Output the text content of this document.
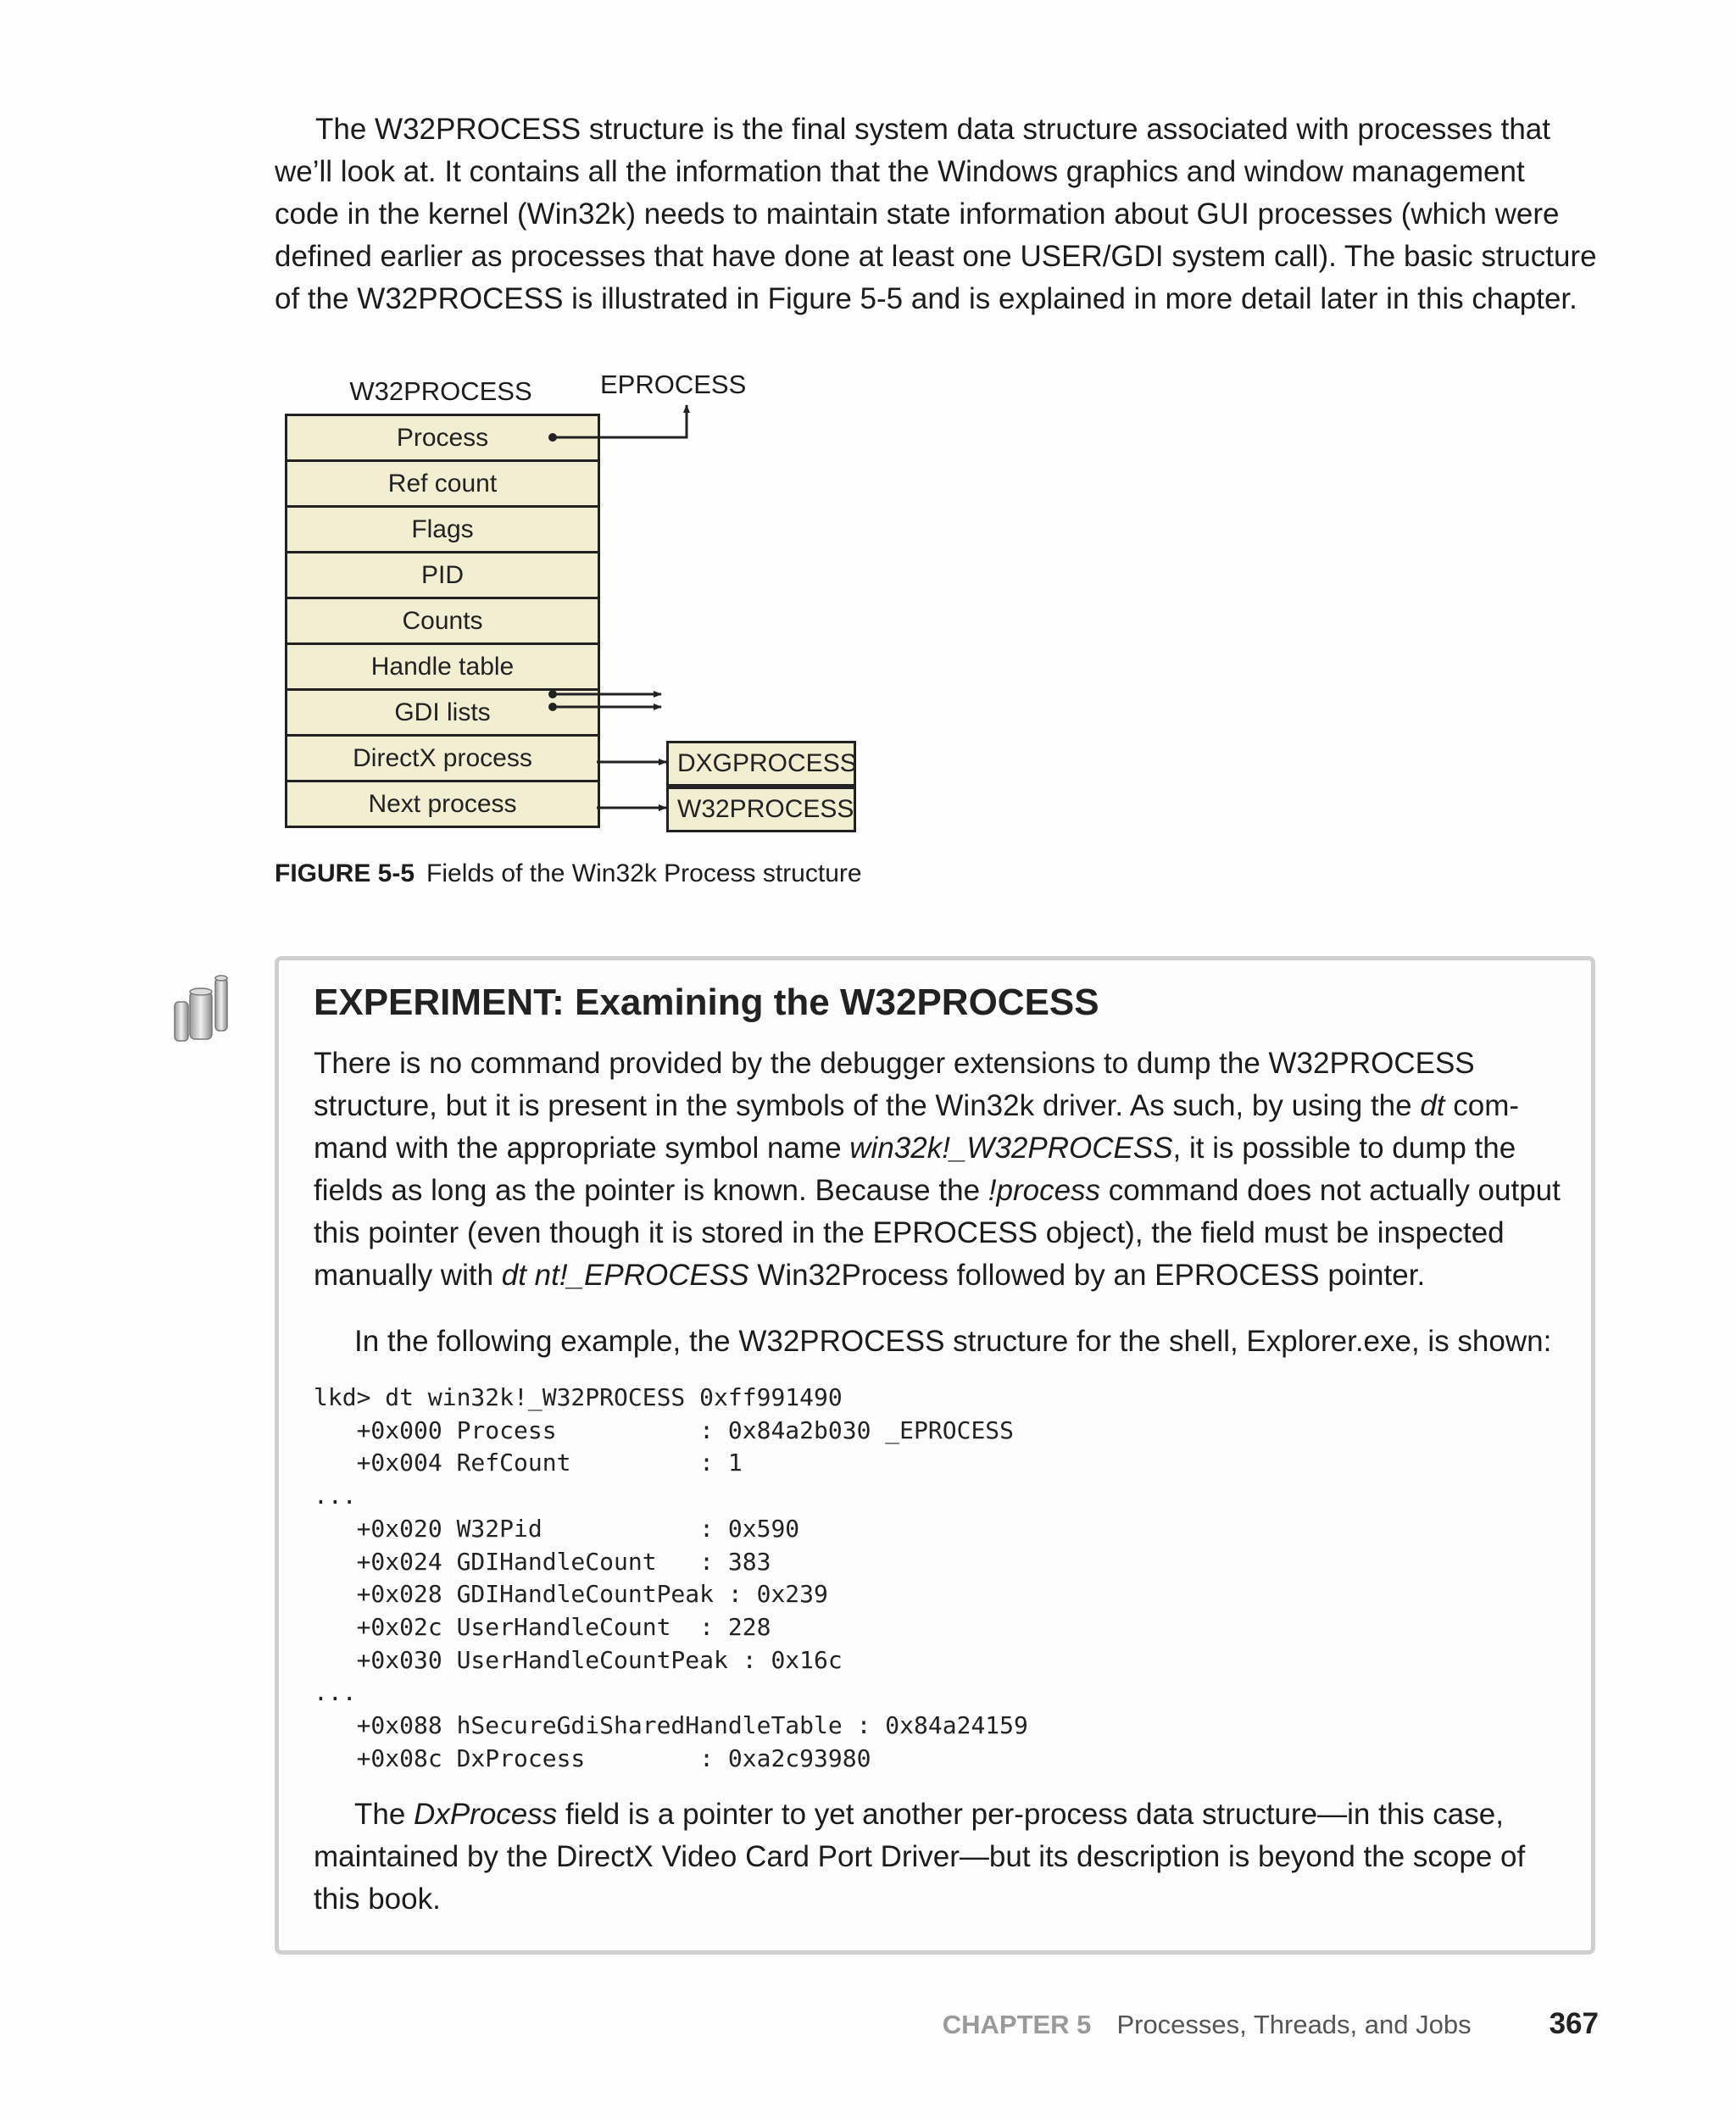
The W32PROCESS structure is the final system data structure associated with processes that we’ll look at. It contains all the information that the Windows graphics and window management code in the kernel (Win32k) needs to maintain state information about GUI processes (which were defined earlier as processes that have done at least one USER/GDI system call). The basic structure of the W32PROCESS is illustrated in Figure 5-5 and is explained in more detail later in this chapter.

W32PROCESS	EPROCESS
Process
Ref count
Flags
PID
Counts
Handle table
GDI lists
DirectX process
Next process
DXGPROCESS
W32PROCESS
FIGURE 5-5 Fields of the Win32k Process structure
EXPERIMENT: Examining the W32PROCESS

There is no command provided by the debugger extensions to dump the W32PROCESS structure, but it is present in the symbols of the Win32k driver. As such, by using the dt com-mand with the appropriate symbol name win32k!_W32PROCESS, it is possible to dump the fields as long as the pointer is known. Because the !process command does not actually output this pointer (even though it is stored in the EPROCESS object), the field must be inspected manually with dt nt!_EPROCESS Win32Process followed by an EPROCESS pointer.

In the following example, the W32PROCESS structure for the shell, Explorer.exe, is shown:

lkd> dt win32k!_W32PROCESS 0xff991490
+0x000 Process          : 0x84a2b030 _EPROCESS
+0x004 RefCount         : 1
...
+0x020 W32Pid           : 0x590
+0x024 GDIHandleCount   : 383
+0x028 GDIHandleCountPeak : 0x239
+0x02c UserHandleCount  : 228
+0x030 UserHandleCountPeak : 0x16c
...
+0x088 hSecureGdiSharedHandleTable : 0x84a24159
+0x08c DxProcess        : 0xa2c93980

The DxProcess field is a pointer to yet another per-process data structure—in this case, maintained by the DirectX Video Card Port Driver—but its description is beyond the scope of this book.

CHAPTER 5 Processes, Threads, and Jobs	367
